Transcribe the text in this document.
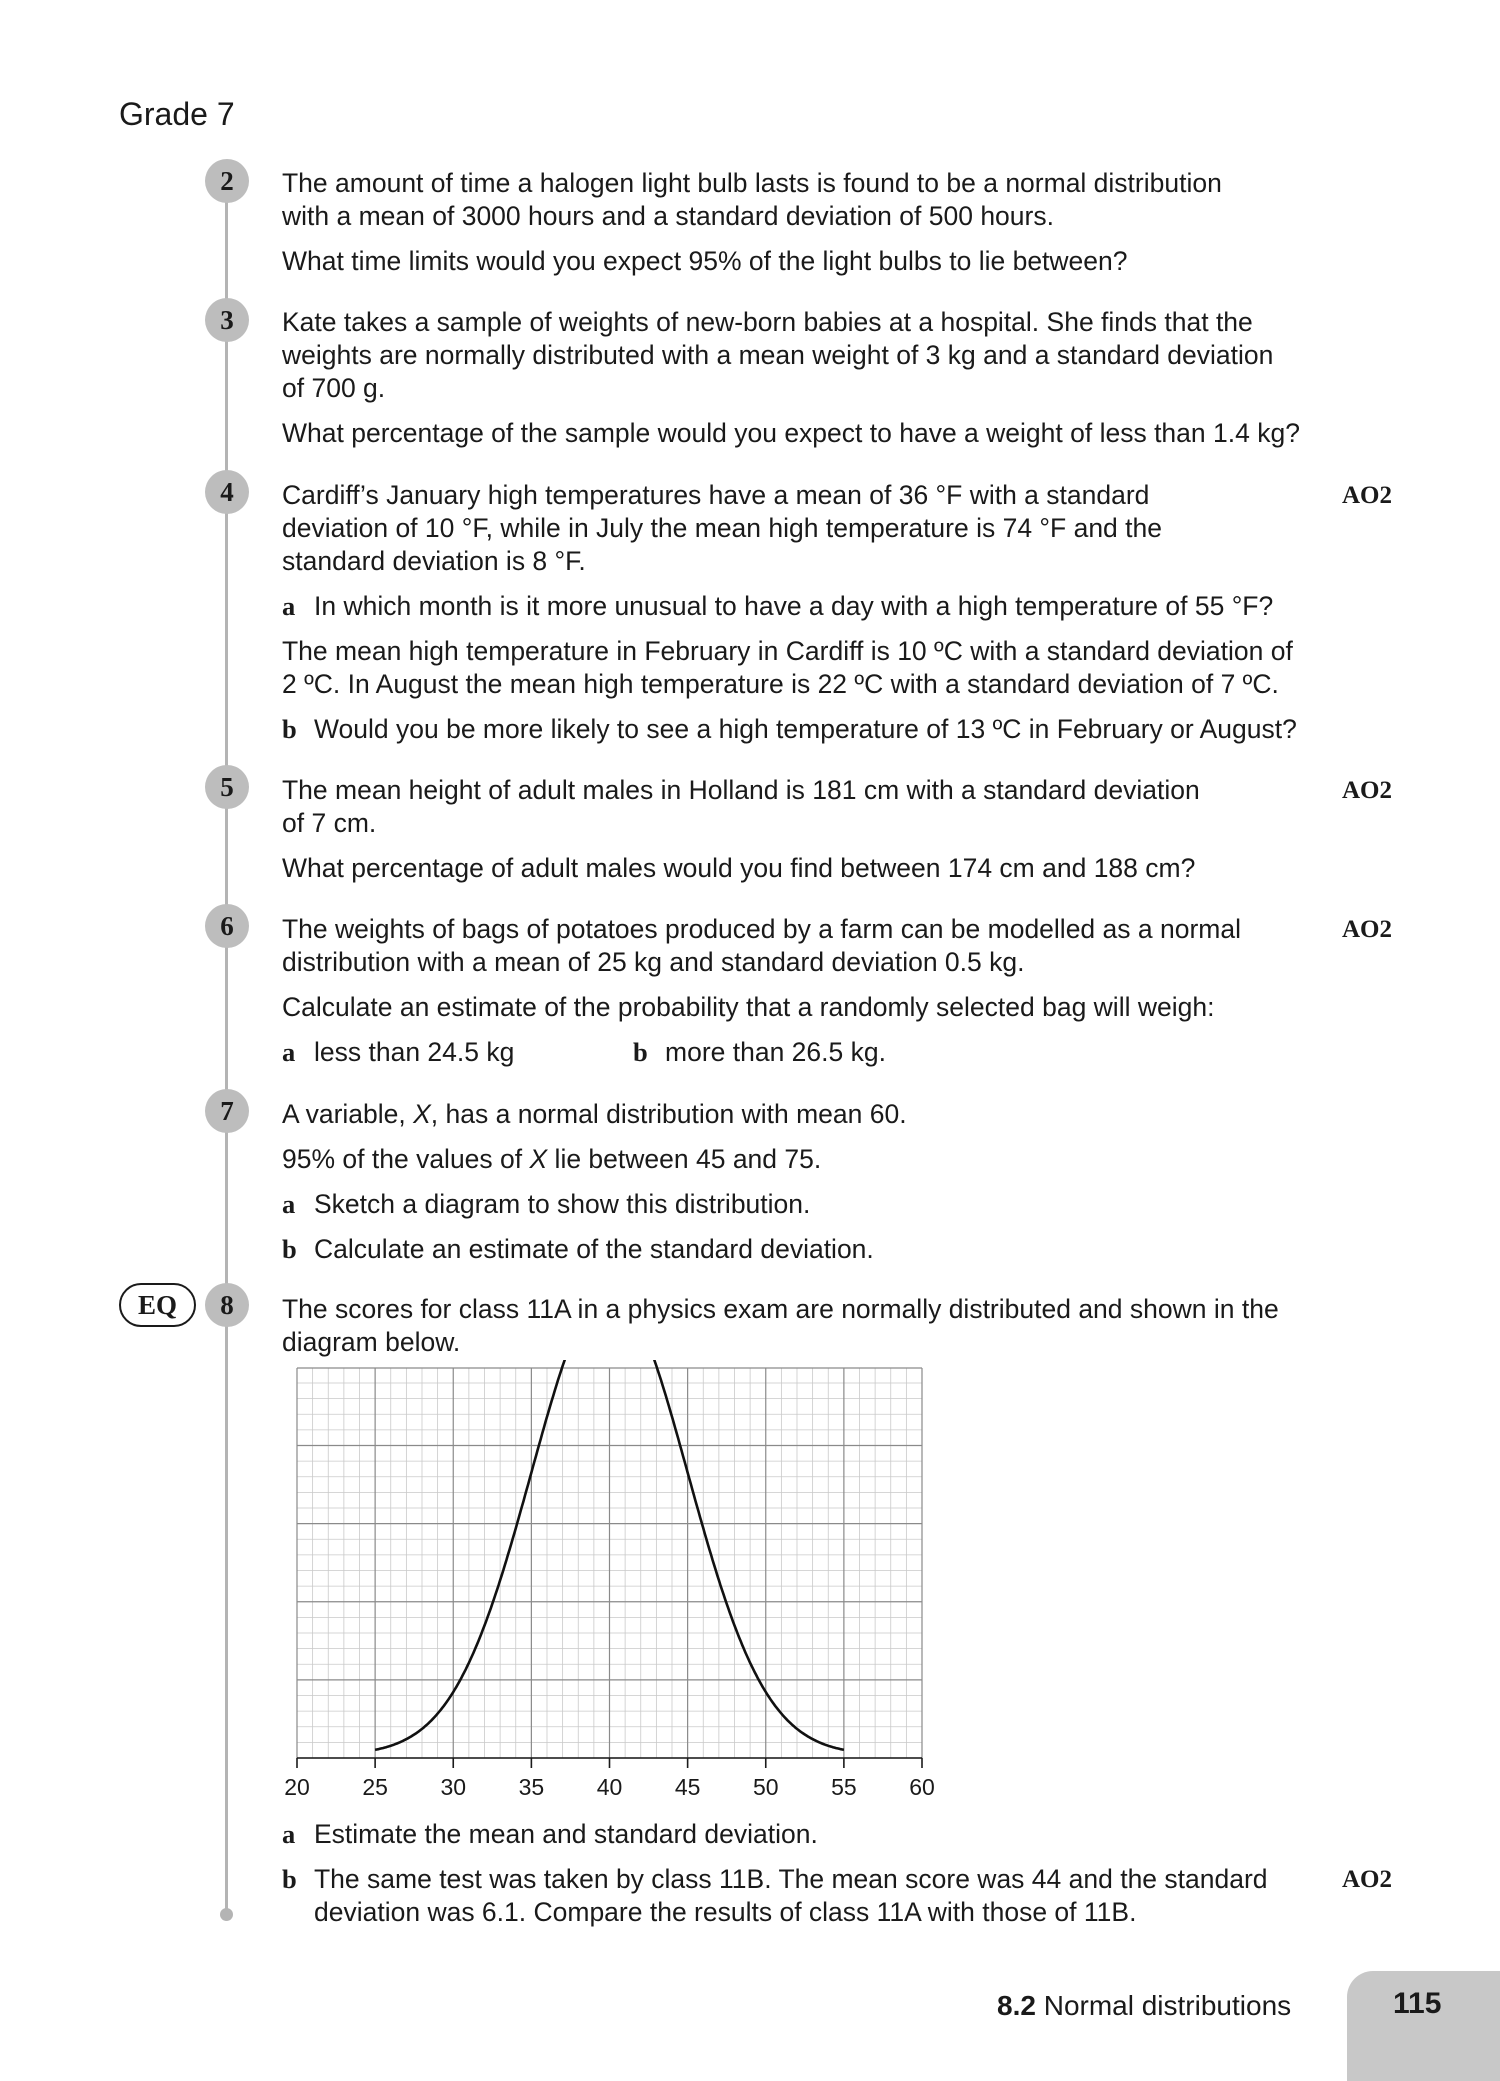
Grade 7
2	The amount of time a halogen light bulb lasts is found to be a normal distribution

with a mean of 3000 hours and a standard deviation of 500 hours.

What time limits would you expect 95% of the light bulbs to lie between?

3	Kate takes a sample of weights of new-born babies at a hospital. She finds that the

weights are normally distributed with a mean weight of 3 kg and a standard deviation

of 700 g.

What percentage of the sample would you expect to have a weight of less than 1.4 kg?

4	AO2

Cardiff’s January high temperatures have a mean of 36 °F with a standard

deviation of 10 °F, while in July the mean high temperature is 74 °F and the

standard deviation is 8 °F.

a In which month is it more unusual to have a day with a high temperature of 55 °F?

The mean high temperature in February in Cardiff is 10 ºC with a standard deviation of

2 ºC. In August the mean high temperature is 22 ºC with a standard deviation of 7 ºC.

b Would you be more likely to see a high temperature of 13 ºC in February or August?
5	AO2

The mean height of adult males in Holland is 181 cm with a standard deviation

of 7 cm.

What percentage of adult males would you find between 174 cm and 188 cm?

6	AO2

The weights of bags of potatoes produced by a farm can be modelled as a normal

distribution with a mean of 25 kg and standard deviation 0.5 kg.

Calculate an estimate of the probability that a randomly selected bag will weigh:

a less than 24.5 kg	b more than 26.5 kg.
7	A variable, X, has a normal distribution with mean 60.

95% of the values of X lie between 45 and 75.

a Sketch a diagram to show this distribution.
b Calculate an estimate of the standard deviation.
EQ	8	The scores for class 11A in a physics exam are normally distributed and shown in the

diagram below.

20 25 30 35 40 45 50 55 60
a Estimate the mean and standard deviation.
AO2
b The same test was taken by class 11B. The mean score was 44 and the standard
deviation was 6.1. Compare the results of class 11A with those of 11B.
8.2 Normal distributions	115
